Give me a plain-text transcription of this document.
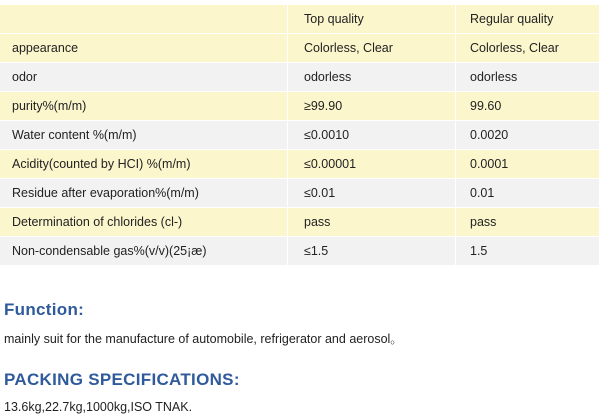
	Top quality	Regular quality
appearance	Colorless, Clear	Colorless, Clear
odor	odorless	odorless
purity%(m/m)	≥99.90	99.60
Water content %(m/m)	≤0.0010	0.0020
Acidity(counted by HCI) %(m/m)	≤0.00001	0.0001
Residue after evaporation%(m/m)	≤0.01	0.01
Determination of chlorides (cl-)	pass	pass
Non-condensable gas%(v/v)(25¡æ)	≤1.5	1.5
Function:
mainly suit for the manufacture of automobile, refrigerator and aerosol。
PACKING SPECIFICATIONS:
13.6kg,22.7kg,1000kg,ISO TNAK.
